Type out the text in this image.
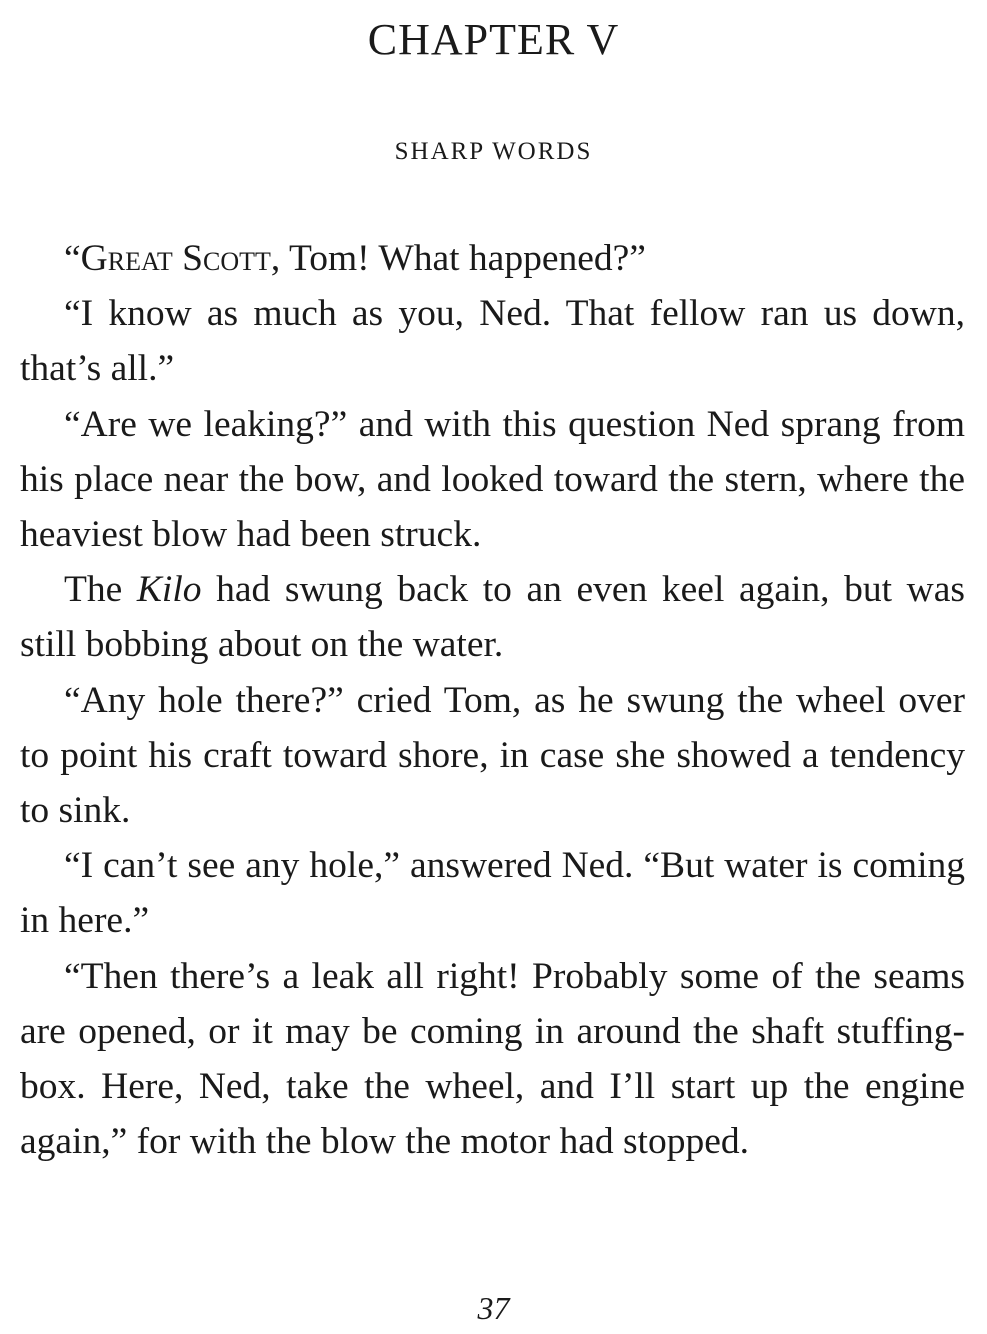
CHAPTER V
SHARP WORDS

“Great Scott, Tom! What happened?”

“I know as much as you, Ned. That fellow ran us down, that’s all.”

“Are we leaking?” and with this question Ned sprang from his place near the bow, and looked toward the stern, where the heaviest blow had been struck.

The Kilo had swung back to an even keel again, but was still bobbing about on the water.

“Any hole there?” cried Tom, as he swung the wheel over to point his craft toward shore, in case she showed a tendency to sink.

“I can’t see any hole,” answered Ned. “But water is coming in here.”

“Then there’s a leak all right! Probably some of the seams are opened, or it may be coming in around the shaft stuffing-box. Here, Ned, take the wheel, and I’ll start up the engine again,” for with the blow the motor had stopped.

37
